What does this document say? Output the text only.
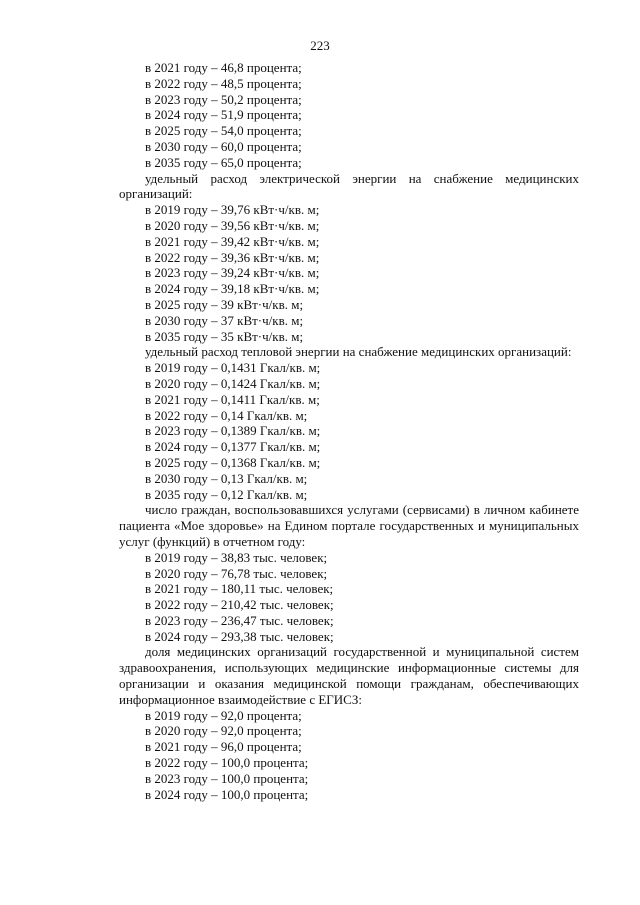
223
в 2021 году – 46,8 процента;
в 2022 году – 48,5 процента;
в 2023 году – 50,2 процента;
в 2024 году – 51,9 процента;
в 2025 году – 54,0 процента;
в 2030 году – 60,0 процента;
в 2035 году – 65,0 процента;
удельный расход электрической энергии на снабжение медицинских организаций:
в 2019 году – 39,76 кВт·ч/кв. м;
в 2020 году – 39,56 кВт·ч/кв. м;
в 2021 году – 39,42 кВт·ч/кв. м;
в 2022 году – 39,36 кВт·ч/кв. м;
в 2023 году – 39,24 кВт·ч/кв. м;
в 2024 году – 39,18 кВт·ч/кв. м;
в 2025 году – 39 кВт·ч/кв. м;
в 2030 году – 37 кВт·ч/кв. м;
в 2035 году – 35 кВт·ч/кв. м;
удельный расход тепловой энергии на снабжение медицинских организаций:
в 2019 году – 0,1431 Гкал/кв. м;
в 2020 году – 0,1424 Гкал/кв. м;
в 2021 году – 0,1411 Гкал/кв. м;
в 2022 году – 0,14 Гкал/кв. м;
в 2023 году – 0,1389 Гкал/кв. м;
в 2024 году – 0,1377 Гкал/кв. м;
в 2025 году – 0,1368 Гкал/кв. м;
в 2030 году – 0,13 Гкал/кв. м;
в 2035 году – 0,12 Гкал/кв. м;
число граждан, воспользовавшихся услугами (сервисами) в личном кабинете пациента «Мое здоровье» на Едином портале государственных и муниципальных услуг (функций) в отчетном году:
в 2019 году – 38,83 тыс. человек;
в 2020 году – 76,78 тыс. человек;
в 2021 году – 180,11 тыс. человек;
в 2022 году – 210,42 тыс. человек;
в 2023 году – 236,47 тыс. человек;
в 2024 году – 293,38 тыс. человек;
доля медицинских организаций государственной и муниципальной систем здравоохранения, использующих медицинские информационные системы для организации и оказания медицинской помощи гражданам, обеспечивающих информационное взаимодействие с ЕГИСЗ:
в 2019 году – 92,0 процента;
в 2020 году – 92,0 процента;
в 2021 году – 96,0 процента;
в 2022 году – 100,0 процента;
в 2023 году – 100,0 процента;
в 2024 году – 100,0 процента;
